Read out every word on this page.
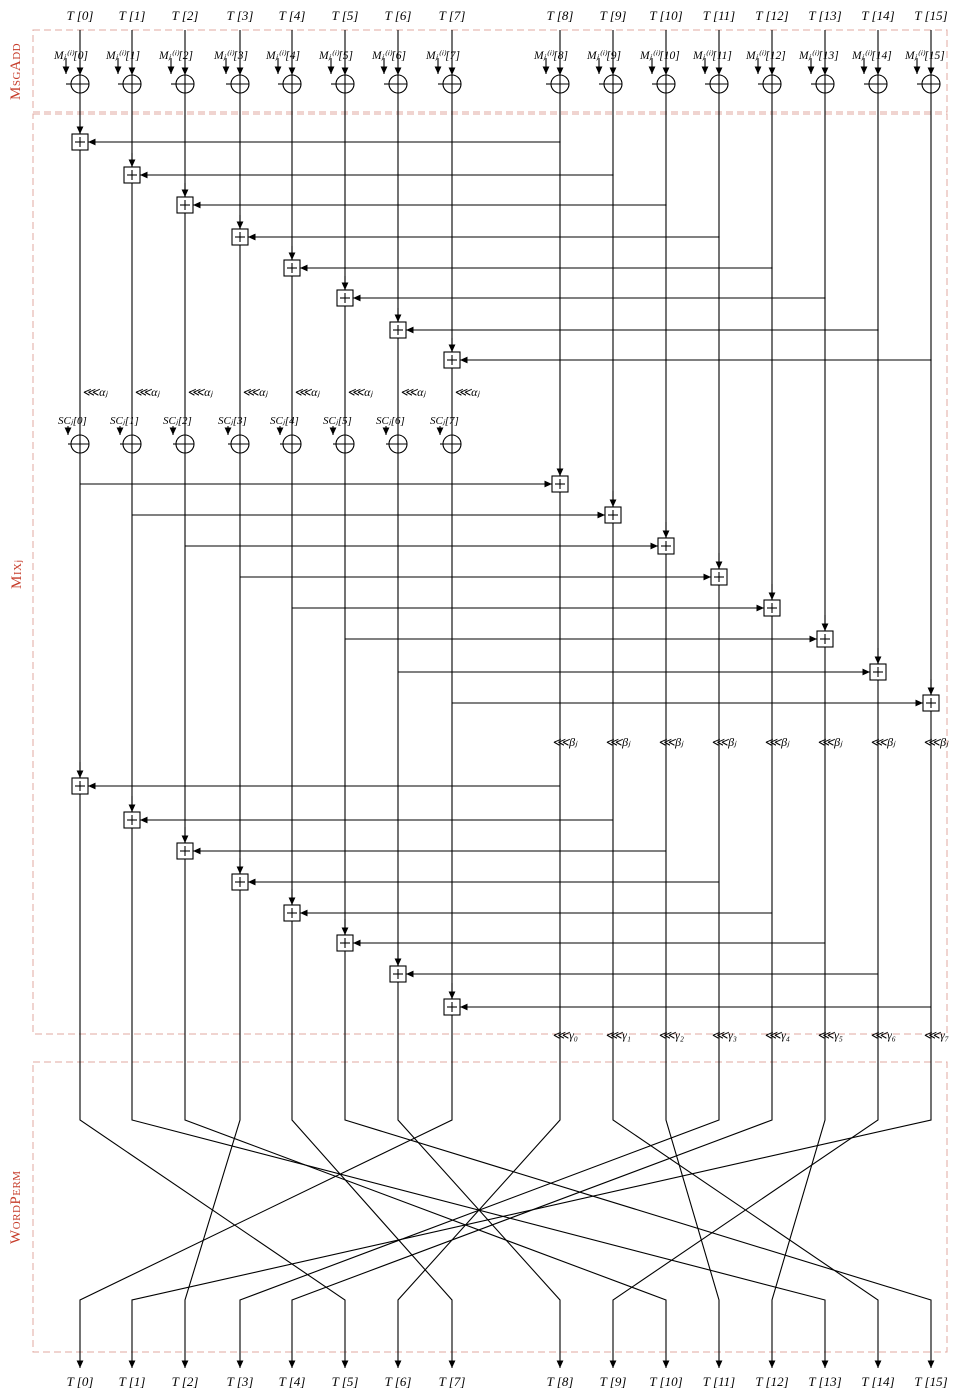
MsgAdd
Mixⱼ
WordPerm
T [0] T [1] T [2] T [3] T [4] T [5] T [6] T [7]	T [8] T [9] T [10] T [11] T [12] T [13] T [14] T [15]
Mⱼ⁽ⁱ⁾[0] Mⱼ⁽ⁱ⁾[1] Mⱼ⁽ⁱ⁾[2] Mⱼ⁽ⁱ⁾[3] Mⱼ⁽ⁱ⁾[4] Mⱼ⁽ⁱ⁾[5] Mⱼ⁽ⁱ⁾[6] Mⱼ⁽ⁱ⁾[7]	Mⱼ⁽ⁱ⁾[8] Mⱼ⁽ⁱ⁾[9] Mⱼ⁽ⁱ⁾[10] Mⱼ⁽ⁱ⁾[11] Mⱼ⁽ⁱ⁾[12] Mⱼ⁽ⁱ⁾[13] Mⱼ⁽ⁱ⁾[14] Mⱼ⁽ⁱ⁾[15]
⋘αⱼ ⋘αⱼ ⋘αⱼ ⋘αⱼ ⋘αⱼ ⋘αⱼ ⋘αⱼ ⋘αⱼ
SCⱼ[0] SCⱼ[1] SCⱼ[2] SCⱼ[3] SCⱼ[4] SCⱼ[5] SCⱼ[6] SCⱼ[7]
⋘βⱼ ⋘βⱼ ⋘βⱼ ⋘βⱼ ⋘βⱼ ⋘βⱼ ⋘βⱼ ⋘βⱼ
⋘γ₀ ⋘γ₁ ⋘γ₂ ⋘γ₃ ⋘γ₄ ⋘γ₅ ⋘γ₆ ⋘γ₇
T [0] T [1] T [2] T [3] T [4] T [5] T [6] T [7]	T [8] T [9] T [10] T [11] T [12] T [13] T [14] T [15]
